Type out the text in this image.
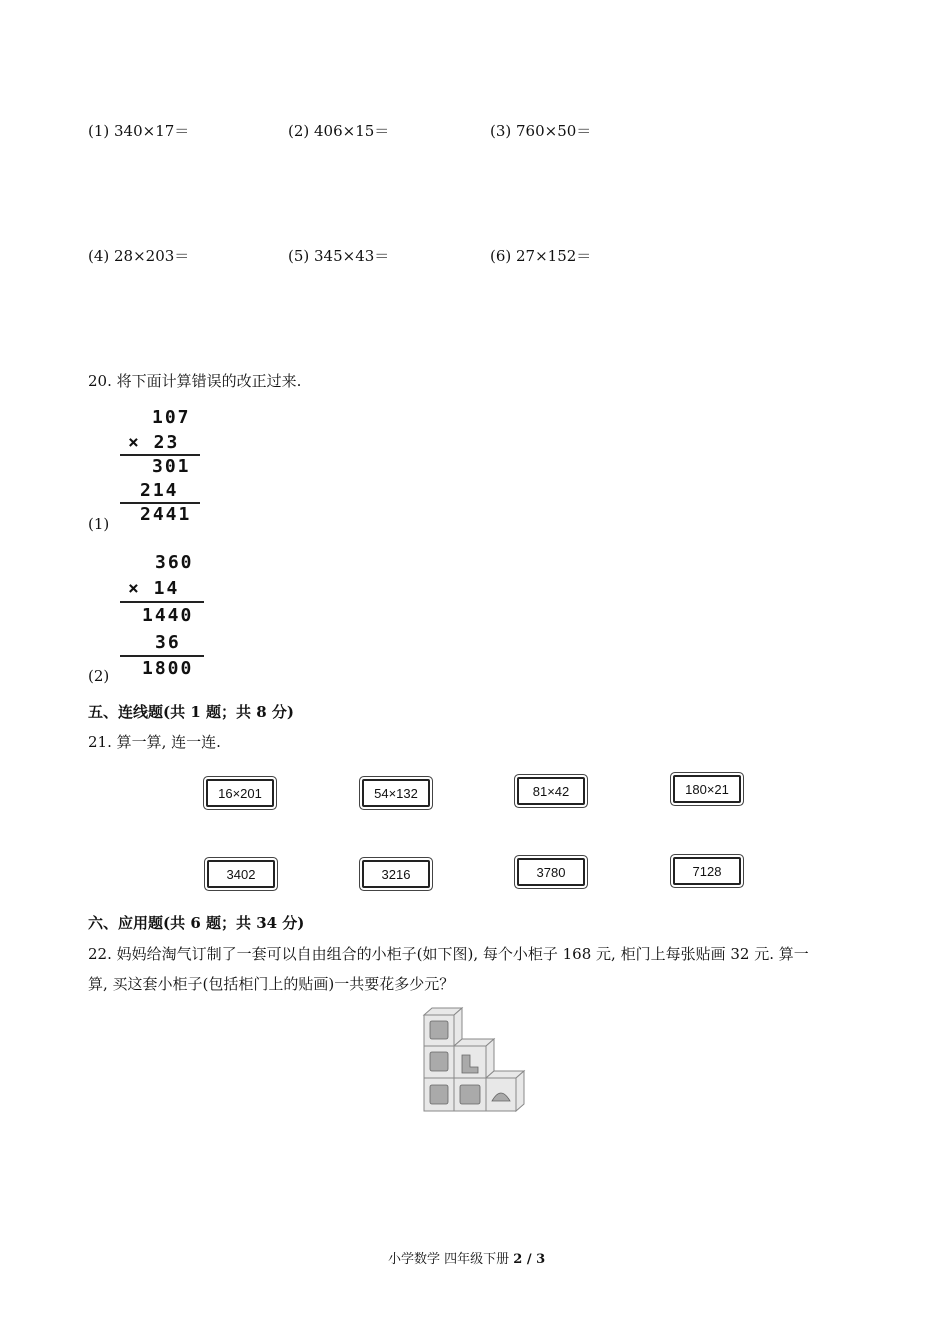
(1) 340×17＝	(2) 406×15＝	(3) 760×50＝
(4) 28×203＝	(5) 345×43＝	(6) 27×152＝
20. 将下面计算错误的改正过来.
107
× 23
301
214
2441
(1)
360
× 14
1440
36
1800
(2)
五、连线题(共 1 题；共 8 分)
21. 算一算, 连一连.
16×201	54×132	81×42	180×21
3402	3216	3780	7128
六、应用题(共 6 题；共 34 分)
22. 妈妈给淘气订制了一套可以自由组合的小柜子(如下图), 每个小柜子 168 元, 柜门上每张贴画 32 元. 算一
算, 买这套小柜子(包括柜门上的贴画)一共要花多少元？
小学数学 四年级下册 2 / 3
